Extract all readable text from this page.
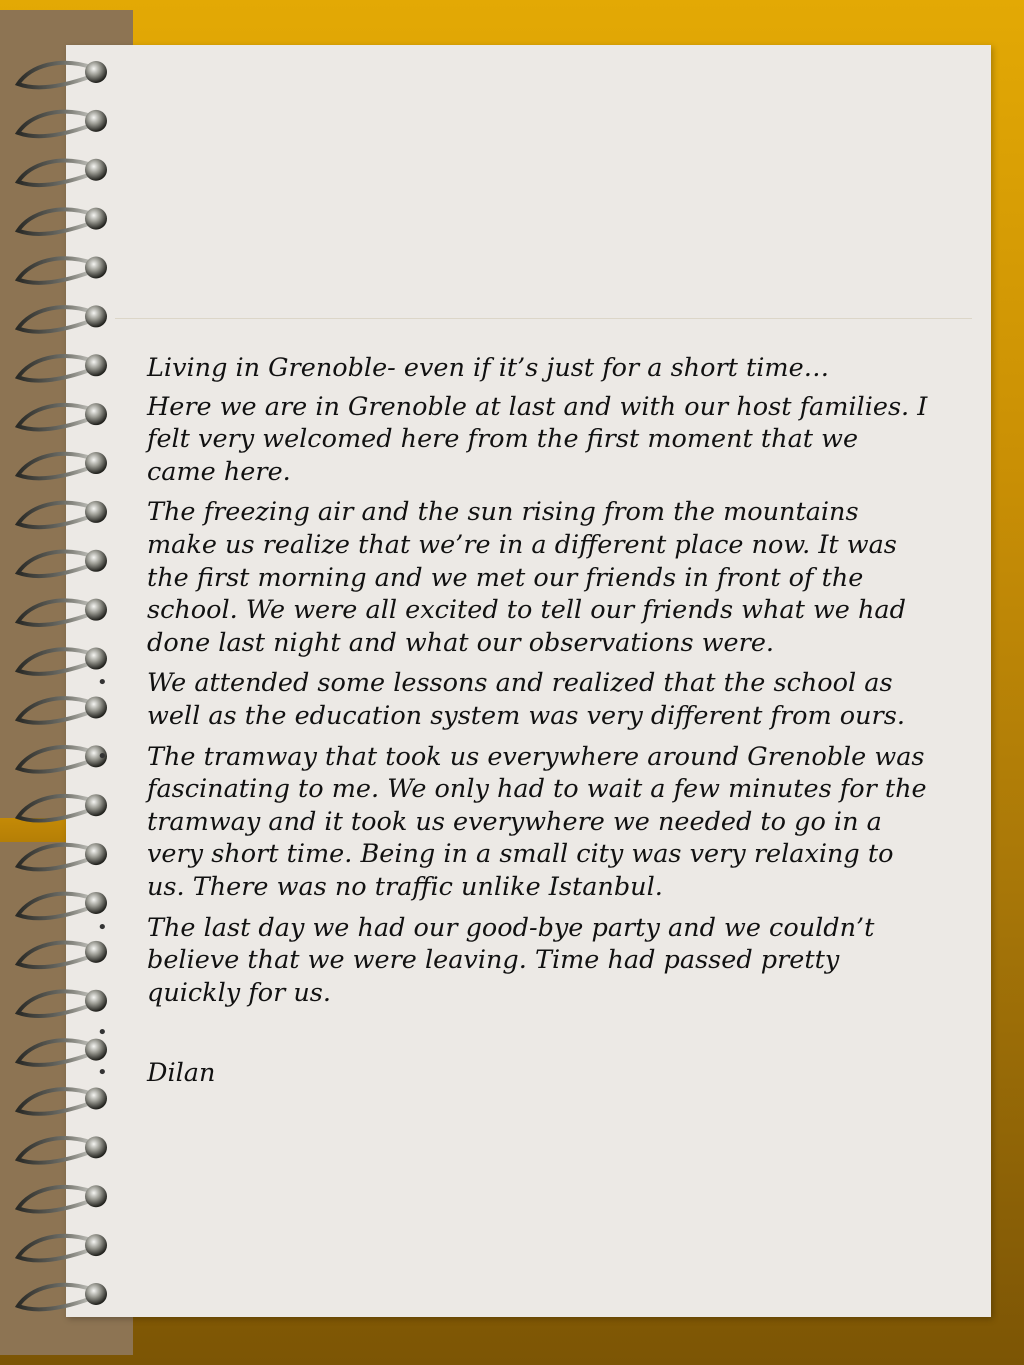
Living in Grenoble- even if it’s just for a short time…
Here we are in Grenoble at last and with our host families. I felt very welcomed here from the first moment that we came here.
The freezing air and the sun rising from the mountains make us realize that we’re in a different place now. It was the first morning and we met our friends in front of the school. We were all excited to tell our friends what we had done last night and what our observations were.
• We attended some lessons and realized that the school as well as the education system was very different from ours.
• The tramway that took us everywhere around Grenoble was fascinating to me. We only had to wait a few minutes for the tramway and it took us everywhere we needed to go in a very short time. Being in a small city was very relaxing to us. There was no traffic unlike Istanbul.
• The last day we had our good-bye party and we couldn’t believe that we were leaving. Time had passed pretty quickly for us.
•
• Dilan
